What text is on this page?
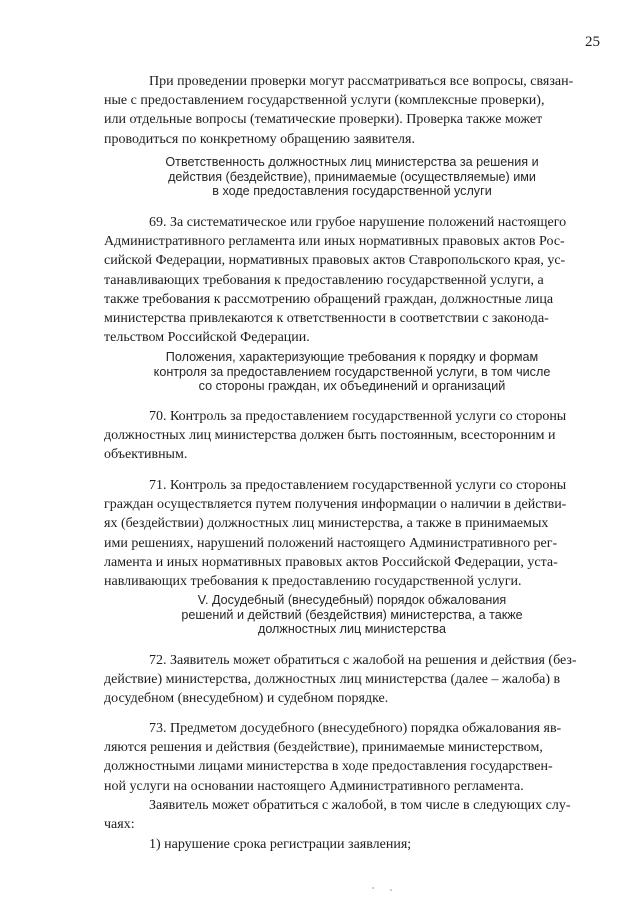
25

При проведении проверки могут рассматриваться все вопросы, связан-
ные с предоставлением государственной услуги (комплексные проверки),
или отдельные вопросы (тематические проверки). Проверка также может
проводиться по конкретному обращению заявителя.

Ответственность должностных лиц министерства за решения и
действия (бездействие), принимаемые (осуществляемые) ими
в ходе предоставления государственной услуги

69. За систематическое или грубое нарушение положений настоящего
Административного регламента или иных нормативных правовых актов Рос-
сийской Федерации, нормативных правовых актов Ставропольского края, ус-
танавливающих требования к предоставлению государственной услуги, а
также требования к рассмотрению обращений граждан, должностные лица
министерства привлекаются к ответственности в соответствии с законода-
тельством Российской Федерации.

Положения, характеризующие требования к порядку и формам
контроля за предоставлением государственной услуги, в том числе
со стороны граждан, их объединений и организаций

70. Контроль за предоставлением государственной услуги со стороны
должностных лиц министерства должен быть постоянным, всесторонним и
объективным.

71. Контроль за предоставлением государственной услуги со стороны
граждан осуществляется путем получения информации о наличии в действи-
ях (бездействии) должностных лиц министерства, а также в принимаемых
ими решениях, нарушений положений настоящего Административного рег-
ламента и иных нормативных правовых актов Российской Федерации, уста-
навливающих требования к предоставлению государственной услуги.

V. Досудебный (внесудебный) порядок обжалования
решений и действий (бездействия) министерства, а также
должностных лиц министерства

72. Заявитель может обратиться с жалобой на решения и действия (без-
действие) министерства, должностных лиц министерства (далее – жалоба) в
досудебном (внесудебном) и судебном порядке.

73. Предметом досудебного (внесудебного) порядка обжалования яв-
ляются решения и действия (бездействие), принимаемые министерством,
должностными лицами министерства в ходе предоставления государствен-
ной услуги на основании настоящего Административного регламента.

Заявитель может обратиться с жалобой, в том числе в следующих слу-
чаях:

1) нарушение срока регистрации заявления;
